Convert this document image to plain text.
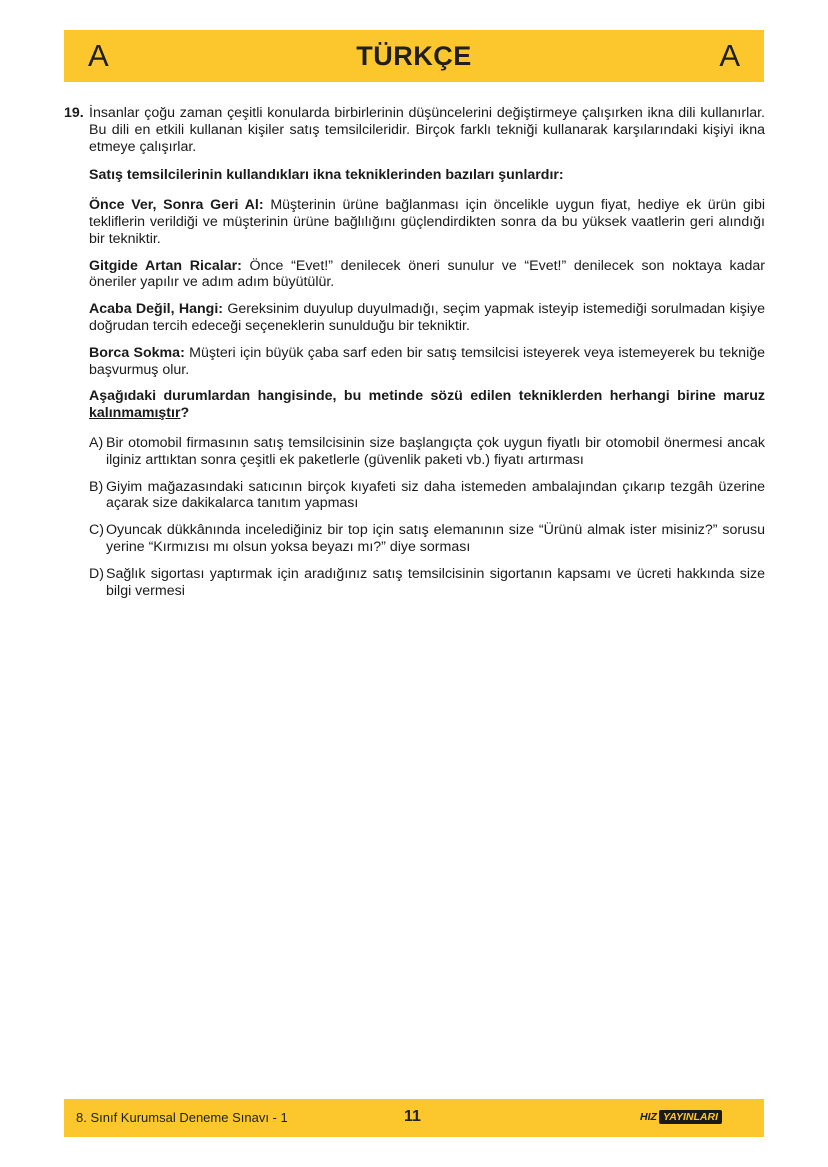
A	TÜRKÇE	A
19. İnsanlar çoğu zaman çeşitli konularda birbirlerinin düşüncelerini değiştirmeye çalışırken ikna dili kullanırlar. Bu dili en etkili kullanan kişiler satış temsilcileridir. Birçok farklı tekniği kullanarak karşılarındaki kişiyi ikna etmeye çalışırlar.

Satış temsilcilerinin kullandıkları ikna tekniklerinden bazıları şunlardır:

Önce Ver, Sonra Geri Al: Müşterinin ürüne bağlanması için öncelikle uygun fiyat, hediye ek ürün gibi tekliflerin verildiği ve müşterinin ürüne bağlılığını güçlendirdikten sonra da bu yüksek vaatlerin geri alındığı bir tekniktir.

Gitgide Artan Ricalar: Önce “Evet!” denilecek öneri sunulur ve “Evet!” denilecek son noktaya kadar öneriler yapılır ve adım adım büyütülür.

Acaba Değil, Hangi: Gereksinim duyulup duyulmadığı, seçim yapmak isteyip istemediği sorulmadan kişiye doğrudan tercih edeceği seçeneklerin sunulduğu bir tekniktir.

Borca Sokma: Müşteri için büyük çaba sarf eden bir satış temsilcisi isteyerek veya istemeyerek bu tekniğe başvurmuş olur.

Aşağıdaki durumlardan hangisinde, bu metinde sözü edilen tekniklerden herhangi birine maruz kalınmamıştır?

A) Bir otomobil firmasının satış temsilcisinin size başlangıçta çok uygun fiyatlı bir otomobil önermesi ancak ilginiz arttıktan sonra çeşitli ek paketlerle (güvenlik paketi vb.) fiyatı artırması
B) Giyim mağazasındaki satıcının birçok kıyafeti siz daha istemeden ambalajından çıkarıp tezgâh üzerine açarak size dakikalarca tanıtım yapması
C) Oyuncak dükkânında incelediğiniz bir top için satış elemanının size “Ürünü almak ister misiniz?” sorusu yerine “Kırmızısı mı olsun yoksa beyazı mı?” diye sorması
D) Sağlık sigortası yaptırmak için aradığınız satış temsilcisinin sigortanın kapsamı ve ücreti hakkında size bilgi vermesi
8. Sınıf Kurumsal Deneme Sınavı - 1	11	HIZ YAYINLARI
